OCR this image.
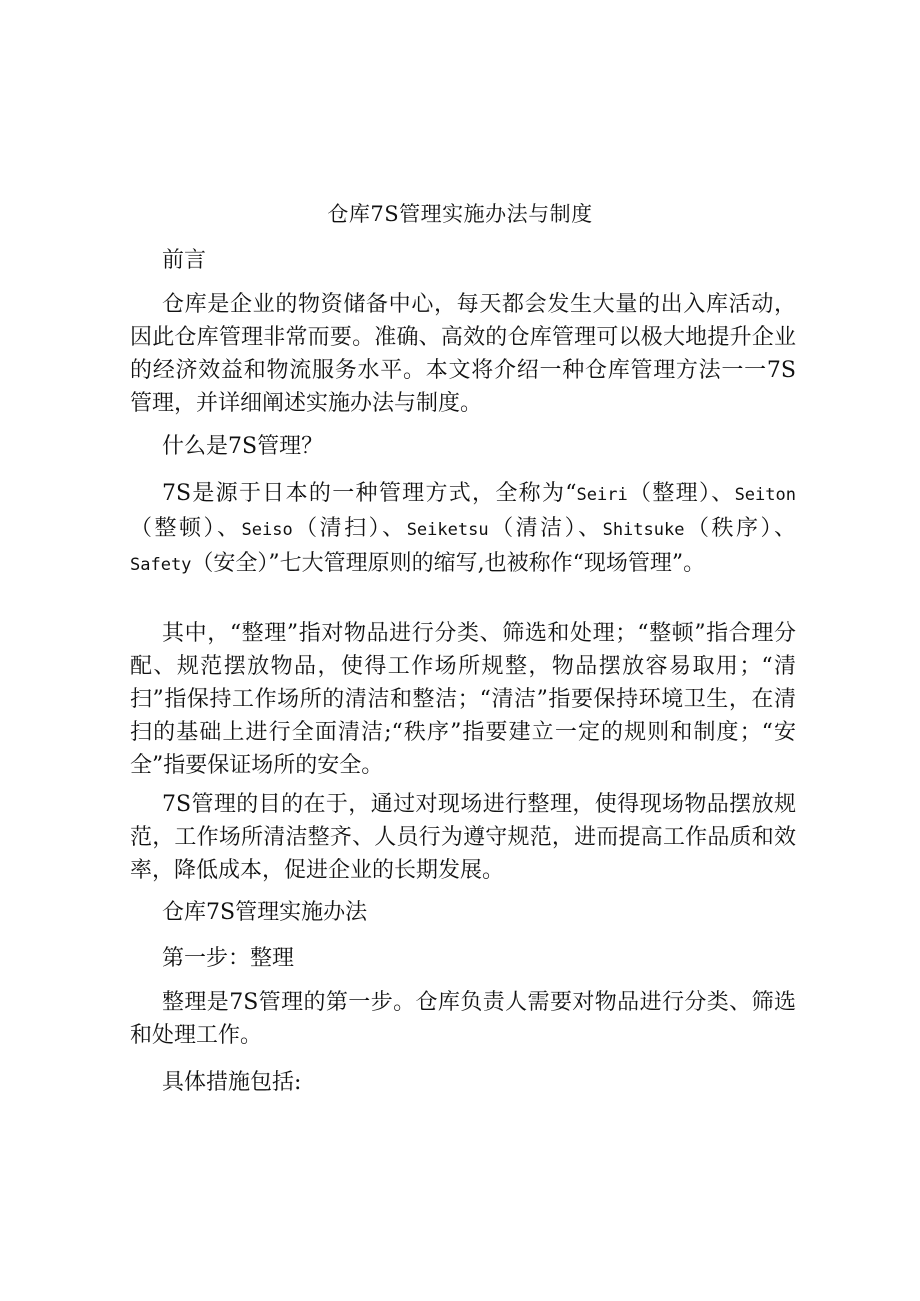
仓库7S管理实施办法与制度

前言

仓库是企业的物资储备中心，每天都会发生大量的出入库活动，因此仓库管理非常而要。准确、高效的仓库管理可以极大地提升企业的经济效益和物流服务水平。本文将介绍一种仓库管理方法一一7S管理，并详细阐述实施办法与制度。

什么是7S管理？

7S是源于日本的一种管理方式，全称为“Seiri（整理）、Seiton（整顿）、Seiso（清扫）、Seiketsu（清洁）、Shitsuke（秩序）、Safety（安全）”七大管理原则的缩写,也被称作“现场管理”。

其中，“整理”指对物品进行分类、筛选和处理；“整顿”指合理分配、规范摆放物品，使得工作场所规整，物品摆放容易取用；“清扫”指保持工作场所的清洁和整洁；“清洁”指要保持环境卫生，在清扫的基础上进行全面清洁;“秩序”指要建立一定的规则和制度；“安全”指要保证场所的安全。

7S管理的目的在于，通过对现场进行整理，使得现场物品摆放规范，工作场所清洁整齐、人员行为遵守规范，进而提高工作品质和效率，降低成本，促进企业的长期发展。

仓库7S管理实施办法

第一步：整理

整理是7S管理的第一步。仓库负责人需要对物品进行分类、筛选和处理工作。

具体措施包括:
